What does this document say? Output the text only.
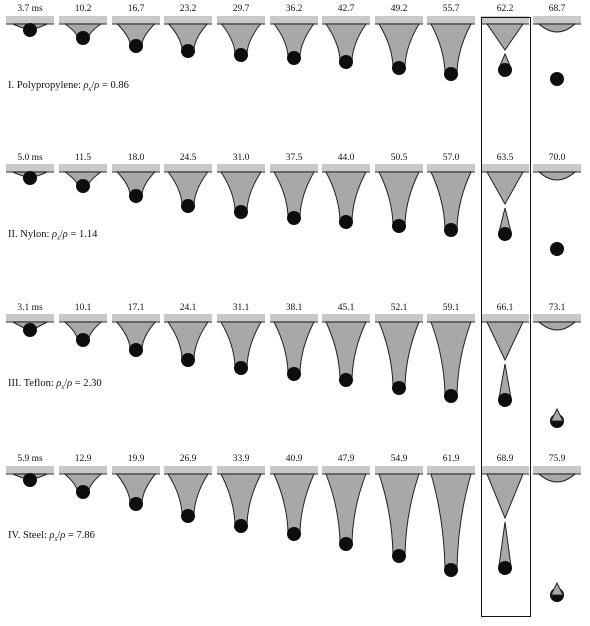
I. Polypropylene: $\rho_s/\rho = 0.86$
II. Nylon: $\rho_s/\rho = 1.14$
III. Teflon: $\rho_s/\rho = 2.30$
IV. Steel: $\rho_s/\rho = 7.86$
3.7 ms	10.2	16.7	23.2	29.7	36.2	42.7	49.2	55.7	62.2	68.7
5.0 ms	11.5	18.0	24.5	31.0	37.5	44.0	50.5	57.0	63.5	70.0
3.1 ms	10.1	17.1	24.1	31.1	38.1	45.1	52.1	59.1	66.1	73.1
5.9 ms	12.9	19.9	26.9	33.9	40.9	47.9	54.9	61.9	68.9	75.9
